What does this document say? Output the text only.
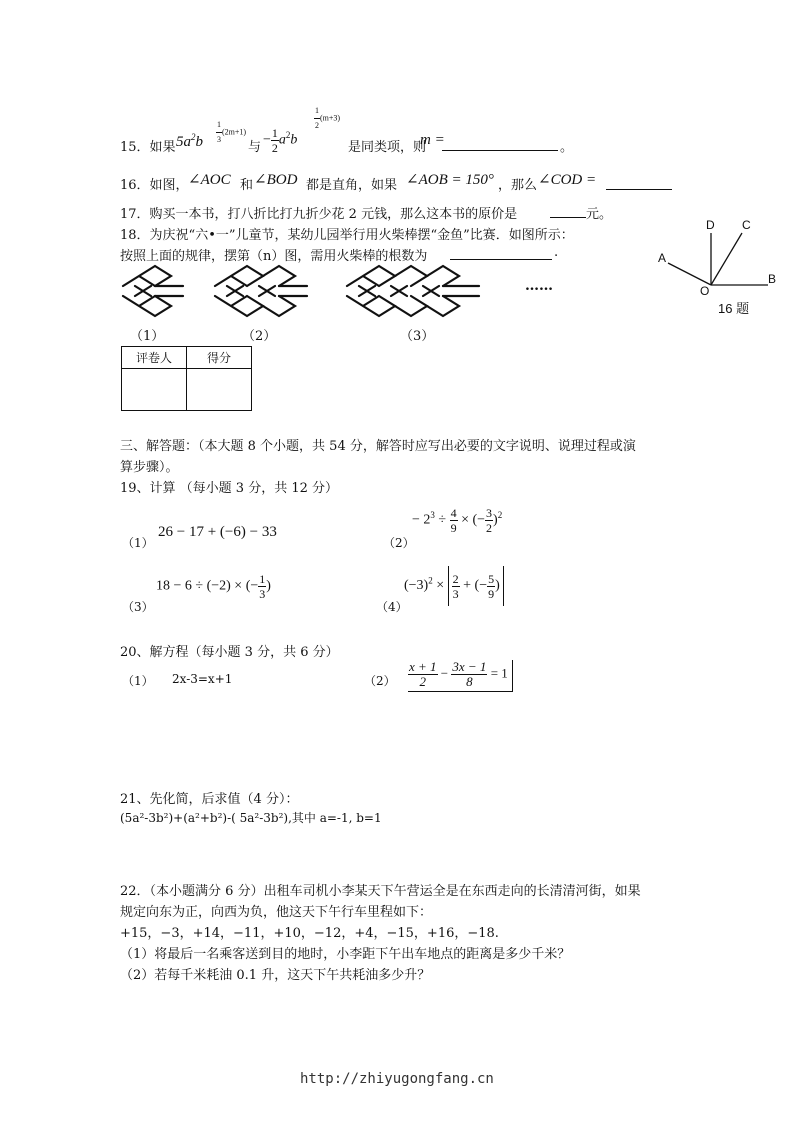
15．如果 $5a^2b \frac{1}{3} (2m+1)$
与 − $\frac{1}{2} a^2b$
$\frac{1}{2} (m+3)$
是同类项，则
m =	。
16．如图， ∠AOC 和 ∠BOD 都是直角，如果 ∠AOB = 150° ，那么 ∠COD =
17．购买一本书，打八折比打九折少花 2 元钱，那么这本书的原价是	元。
18．为庆祝“六•一”儿童节，某幼儿园举行用火柴棒摆“金鱼”比赛．如图所示：
按照上面的规律，摆第（n）图，需用火柴棒的根数为	.
……
（1）	（2）	（3）
D C
A
O
B
16 题
评卷人	得分

三、解答题：（本大题 8 个小题，共 54 分，解答时应写出必要的文字说明、说理过程或演
算步骤）。
19、计算 （每小题 3 分，共 12 分）
（1）
26 − 17 + (−6) − 33
（2）
− $2^3 \div \frac{4}{9}$ × (− $\frac{3}{2} )^2$
（3）
18 − 6 ÷ (−2) × (− $\frac{1}{3}$ )
（4）
$(-3)^2 \times \frac{2}{3}$ + (− $\frac{5}{9}$ )
20、解方程（每小题 3 分，共 6 分）
（1） 2x-3=x+1	$(2) \frac{x + 1}{2} - \frac{3x - 1}{8} = 1$
21、先化简，后求值（4 分）：
(5a²-3b²)+(a²+b²)-( 5a²-3b²),其中 a=-1, b=1
22．（本小题满分 6 分）出租车司机小李某天下午营运全是在东西走向的长清清河街，如果
规定向东为正，向西为负，他这天下午行车里程如下：
+15，−3，+14，−11，+10，−12，+4，−15，+16，−18.
（1）将最后一名乘客送到目的地时，小李距下午出车地点的距离是多少千米？
（2）若每千米耗油 0.1 升，这天下午共耗油多少升？
http://zhiyugongfang.cn
